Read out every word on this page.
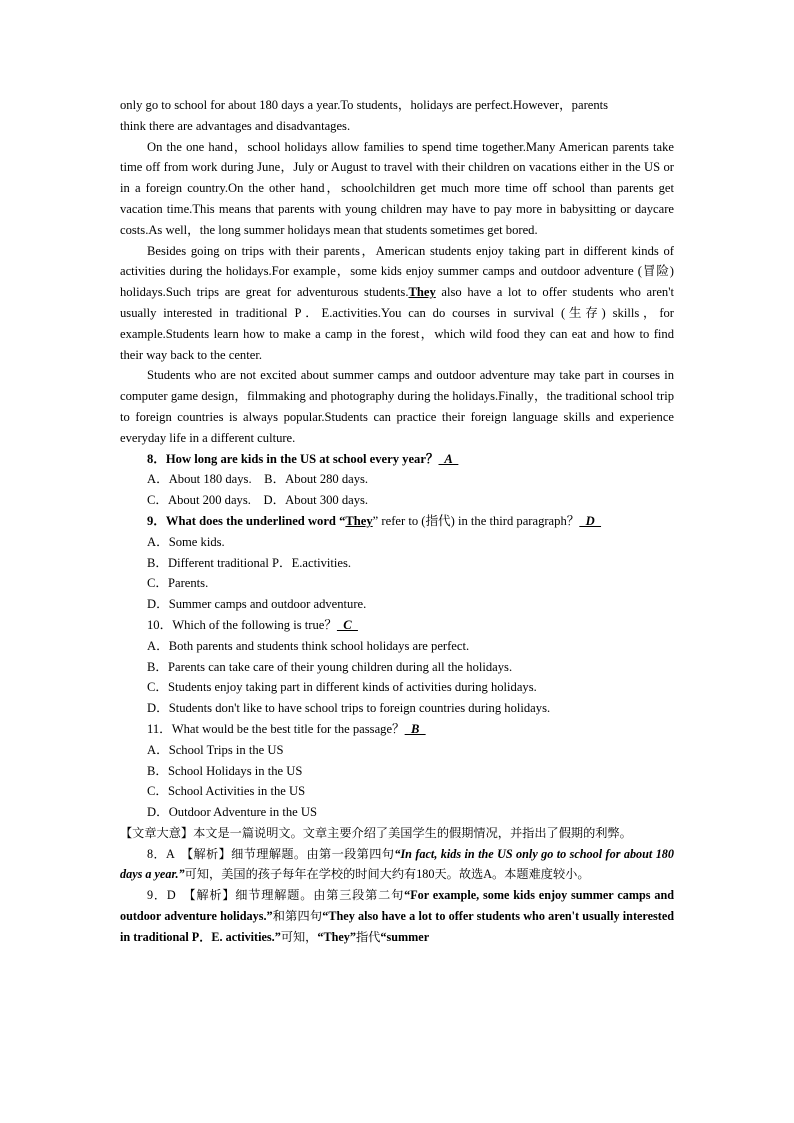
only go to school for about 180 days a year.To students，holidays are perfect.However，parents
think there are advantages and disadvantages.

On the one hand，school holidays allow families to spend time together.Many American parents take time off from work during June，July or August to travel with their children on vacations either in the US or in a foreign country.On the other hand，schoolchildren get much more time off school than parents get vacation time.This means that parents with young children may have to pay more in babysitting or daycare costs.As well，the long summer holidays mean that students sometimes get bored.

Besides going on trips with their parents，American students enjoy taking part in different kinds of activities during the holidays.For example，some kids enjoy summer camps and outdoor adventure (冒险) holidays.Such trips are great for adventurous students.They also have a lot to offer students who aren't usually interested in traditional P．E.activities.You can do courses in survival (生存) skills，for example.Students learn how to make a camp in the forest，which wild food they can eat and how to find their way back to the center.

Students who are not excited about summer camps and outdoor adventure may take part in courses in computer game design，filmmaking and photography during the holidays.Finally，the traditional school trip to foreign countries is always popular.Students can practice their foreign language skills and experience everyday life in a different culture.

8．How long are kids in the US at school every year？  A

A．About 180 days.　B．About 280 days.

C．About 200 days.　D．About 300 days.

9．What does the underlined word “They” refer to (指代) in the third paragraph？  D

A．Some kids.

B．Different traditional P．E.activities.

C．Parents.

D．Summer camps and outdoor adventure.

10．Which of the following is true？  C

A．Both parents and students think school holidays are perfect.

B．Parents can take care of their young children during all the holidays.

C．Students enjoy taking part in different kinds of activities during holidays.

D．Students don't like to have school trips to foreign countries during holidays.

11．What would be the best title for the passage？  B

A．School Trips in the US

B．School Holidays in the US

C．School Activities in the US

D．Outdoor Adventure in the US

【文章大意】本文是一篇说明文。文章主要介绍了美国学生的假期情况，并指出了假期的利弊。

8．A　【解析】细节理解题。由第一段第四句“In fact, kids in the US only go to school for about 180 days a year.”可知，美国的孩子每年在学校的时间大约有180天。故选A。本题难度较小。

9．D　【解析】细节理解题。由第三段第二句“For example, some kids enjoy summer camps and outdoor adventure holidays.”和第四句“They also have a lot to offer students who aren't usually interested in traditional P．E. activities.”可知，“They”指代“summer
